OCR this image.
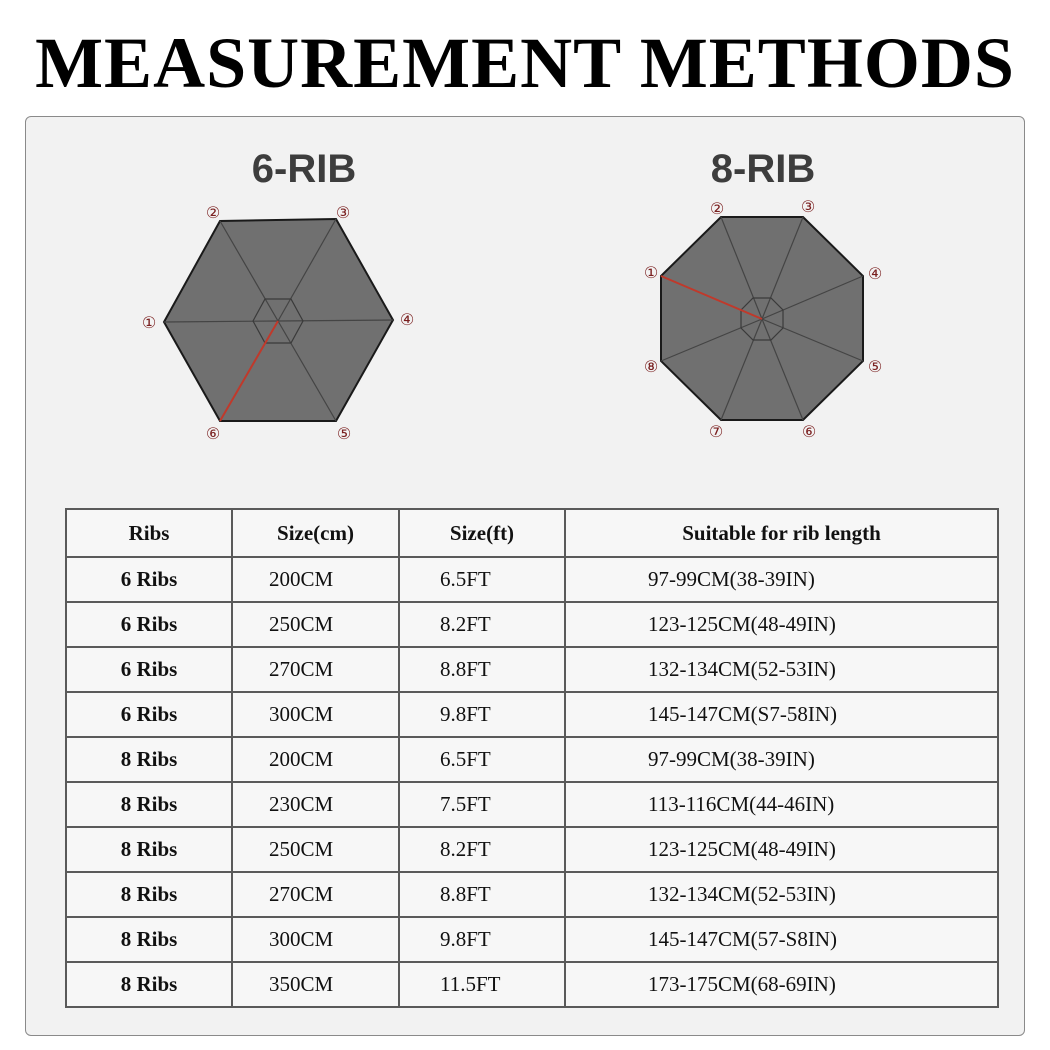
MEASUREMENT METHODS
6-RIB	8-RIB
①
②	③
④
⑤
⑥
①
②	③
④
⑤
⑥
⑦
⑧
Ribs	Size(cm)	Size(ft)	Suitable for rib length
6 Ribs	200CM	6.5FT	97-99CM(38-39IN)
6 Ribs	250CM	8.2FT	123-125CM(48-49IN)
6 Ribs	270CM	8.8FT	132-134CM(52-53IN)
6 Ribs	300CM	9.8FT	145-147CM(S7-58IN)
8 Ribs	200CM	6.5FT	97-99CM(38-39IN)
8 Ribs	230CM	7.5FT	113-116CM(44-46IN)
8 Ribs	250CM	8.2FT	123-125CM(48-49IN)
8 Ribs	270CM	8.8FT	132-134CM(52-53IN)
8 Ribs	300CM	9.8FT	145-147CM(57-S8IN)
8 Ribs	350CM	11.5FT	173-175CM(68-69IN)
